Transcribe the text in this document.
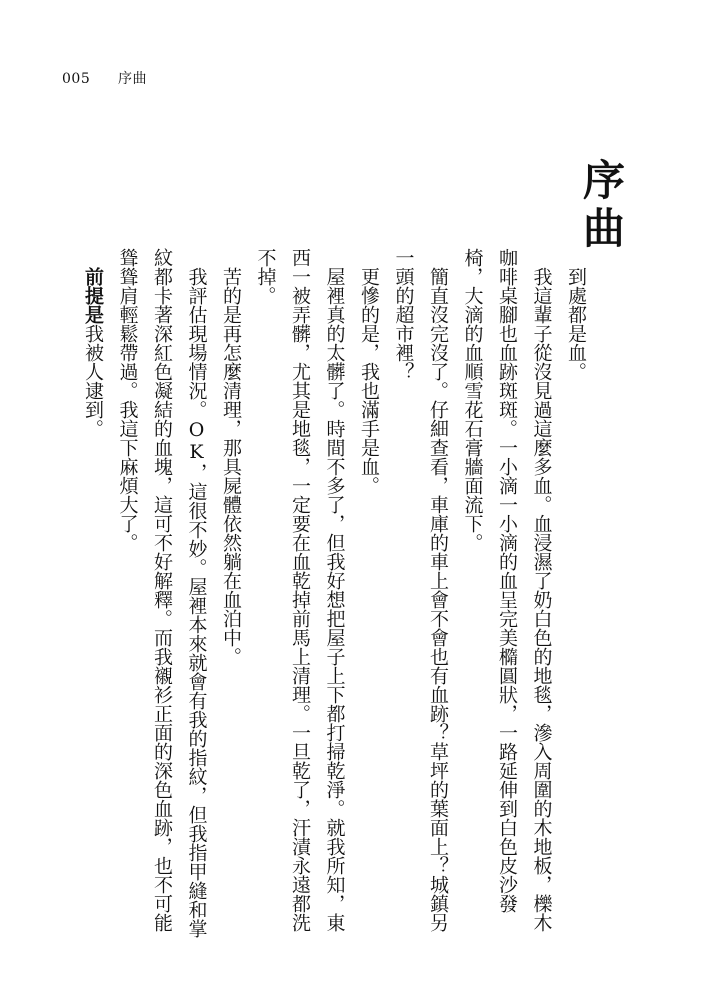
005 序曲
序曲

到處都是血。

我這輩子從沒見過這麼多血。血浸濕了奶白色的地毯，滲入周圍的木地板，櫟木咖啡桌腳也血跡斑斑。一小滴一小滴的血呈完美橢圓狀，一路延伸到白色皮沙發椅，大滴的血順雪花石膏牆面流下。

簡直沒完沒了。仔細查看，車庫的車上會不會也有血跡？草坪的葉面上？城鎮另一頭的超市裡？

更慘的是，我也滿手是血。

屋裡真的太髒了。時間不多了，但我好想把屋子上下都打掃乾淨。就我所知，東西一被弄髒，尤其是地毯，一定要在血乾掉前馬上清理。一旦乾了，汗漬永遠都洗不掉。

苦的是再怎麼清理，那具屍體依然躺在血泊中。

我評估現場情況。OK，這很不妙。屋裡本來就會有我的指紋，但我指甲縫和掌紋都卡著深紅色凝結的血塊，這可不好解釋。而我襯衫正面的深色血跡，也不可能聳聳肩輕鬆帶過。我這下麻煩大了。

前提是我被人逮到。
